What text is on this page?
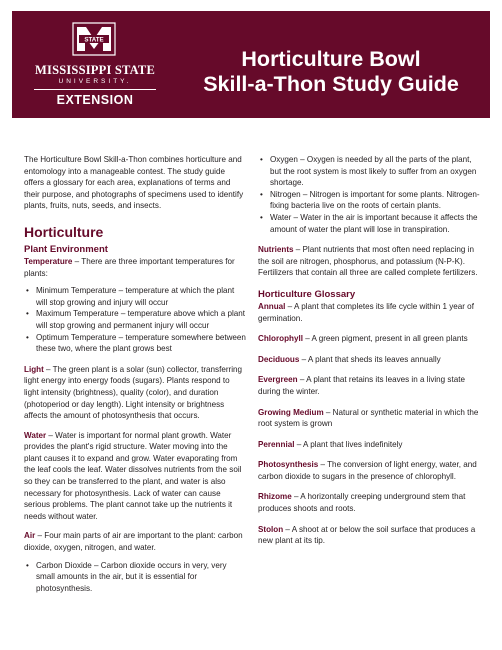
STATE
MISSISSIPPI STATE
UNIVERSITY.
EXTENSION
Horticulture Bowl
Skill-a-Thon Study Guide

The Horticulture Bowl Skill-a-Thon combines horticulture and entomology into a manageable contest. The study guide offers a glossary for each area, explanations of terms and their purpose, and photographs of specimens used to identify plants, fruits, nuts, seeds, and insects.

Horticulture
Plant Environment

Temperature – There are three important temperatures for plants:

• Minimum Temperature – temperature at which the plant will stop growing and injury will occur
• Maximum Temperature – temperature above which a plant will stop growing and permanent injury will occur
• Optimum Temperature – temperature somewhere between these two, where the plant grows best

Light – The green plant is a solar (sun) collector, transferring light energy into energy foods (sugars). Plants respond to light intensity (brightness), quality (color), and duration (photoperiod or day length). Light intensity or brightness affects the amount of photosynthesis that occurs.

Water – Water is important for normal plant growth. Water provides the plant's rigid structure. Water moving into the plant causes it to expand and grow. Water evaporating from the leaf cools the leaf. Water dissolves nutrients from the soil so they can be transferred to the plant, and water is also necessary for photosynthesis. Lack of water can cause serious problems. The plant cannot take up the nutrients it needs without water.

Air – Four main parts of air are important to the plant: carbon dioxide, oxygen, nitrogen, and water.

• Carbon Dioxide – Carbon dioxide occurs in very, very small amounts in the air, but it is essential for photosynthesis.
• Oxygen – Oxygen is needed by all the parts of the plant, but the root system is most likely to suffer from an oxygen shortage.
• Nitrogen – Nitrogen is important for some plants. Nitrogen-fixing bacteria live on the roots of certain plants.
• Water – Water in the air is important because it affects the amount of water the plant will lose in transpiration.

Nutrients – Plant nutrients that most often need replacing in the soil are nitrogen, phosphorus, and potassium (N-P-K). Fertilizers that contain all three are called complete fertilizers.

Horticulture Glossary

Annual – A plant that completes its life cycle within 1 year of germination.

Chlorophyll – A green pigment, present in all green plants

Deciduous – A plant that sheds its leaves annually

Evergreen – A plant that retains its leaves in a living state during the winter.

Growing Medium – Natural or synthetic material in which the root system is grown

Perennial – A plant that lives indefinitely

Photosynthesis – The conversion of light energy, water, and carbon dioxide to sugars in the presence of chlorophyll.

Rhizome – A horizontally creeping underground stem that produces shoots and roots.

Stolon – A shoot at or below the soil surface that produces a new plant at its tip.
